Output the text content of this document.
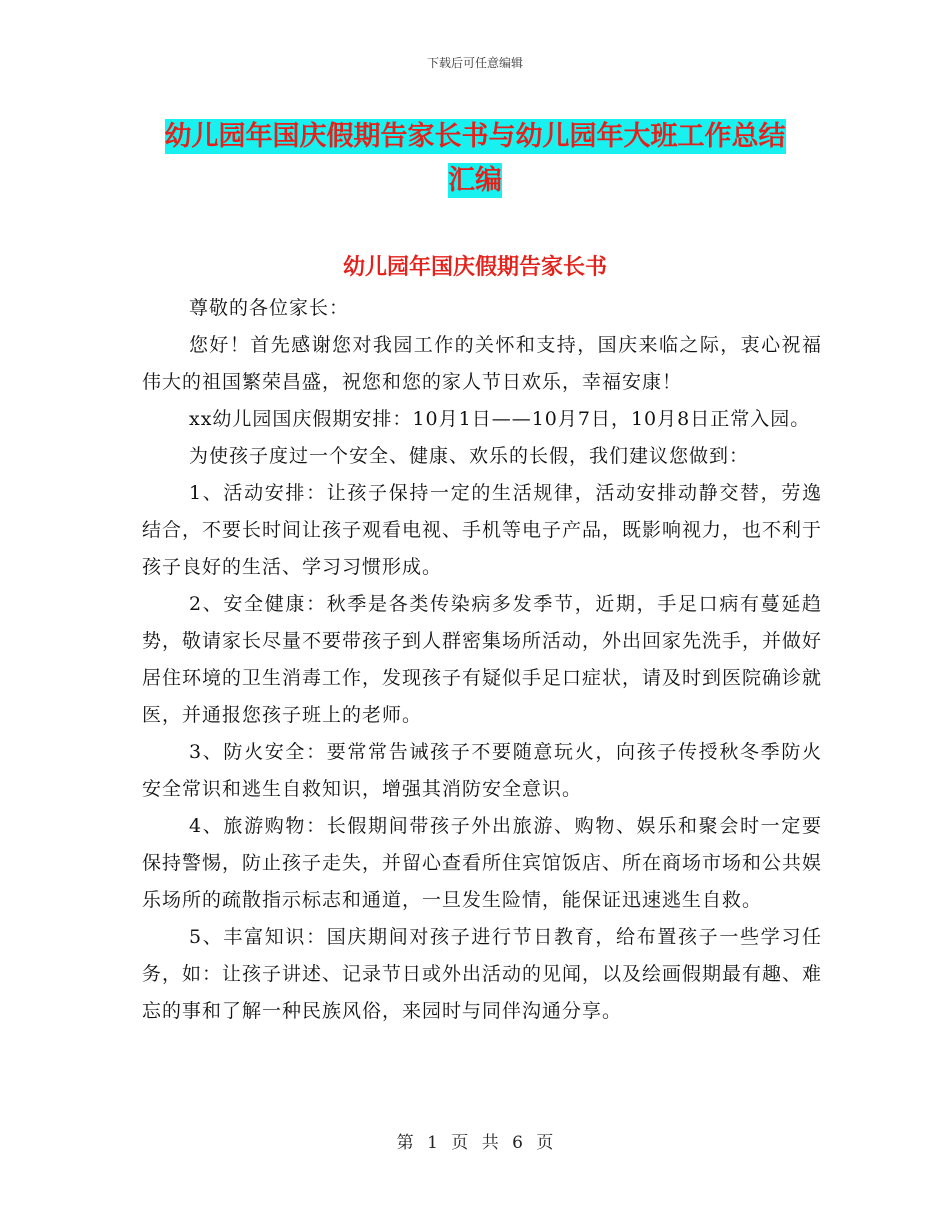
下载后可任意编辑
幼儿园年国庆假期告家长书与幼儿园年大班工作总结
汇编
幼儿园年国庆假期告家长书

尊敬的各位家长：

您好！首先感谢您对我园工作的关怀和支持，国庆来临之际，衷心祝福伟大的祖国繁荣昌盛，祝您和您的家人节日欢乐，幸福安康！

xx幼儿园国庆假期安排：10月1日——10月7日，10月8日正常入园。

为使孩子度过一个安全、健康、欢乐的长假，我们建议您做到：

1、活动安排：让孩子保持一定的生活规律，活动安排动静交替，劳逸结合，不要长时间让孩子观看电视、手机等电子产品，既影响视力，也不利于孩子良好的生活、学习习惯形成。

2、安全健康：秋季是各类传染病多发季节，近期，手足口病有蔓延趋势，敬请家长尽量不要带孩子到人群密集场所活动，外出回家先洗手，并做好居住环境的卫生消毒工作，发现孩子有疑似手足口症状，请及时到医院确诊就医，并通报您孩子班上的老师。

3、防火安全：要常常告诫孩子不要随意玩火，向孩子传授秋冬季防火安全常识和逃生自救知识，增强其消防安全意识。

4、旅游购物：长假期间带孩子外出旅游、购物、娱乐和聚会时一定要保持警惕，防止孩子走失，并留心查看所住宾馆饭店、所在商场市场和公共娱乐场所的疏散指示标志和通道，一旦发生险情，能保证迅速逃生自救。

5、丰富知识：国庆期间对孩子进行节日教育，给布置孩子一些学习任务，如：让孩子讲述、记录节日或外出活动的见闻，以及绘画假期最有趣、难忘的事和了解一种民族风俗，来园时与同伴沟通分享。

第 1 页 共 6 页
